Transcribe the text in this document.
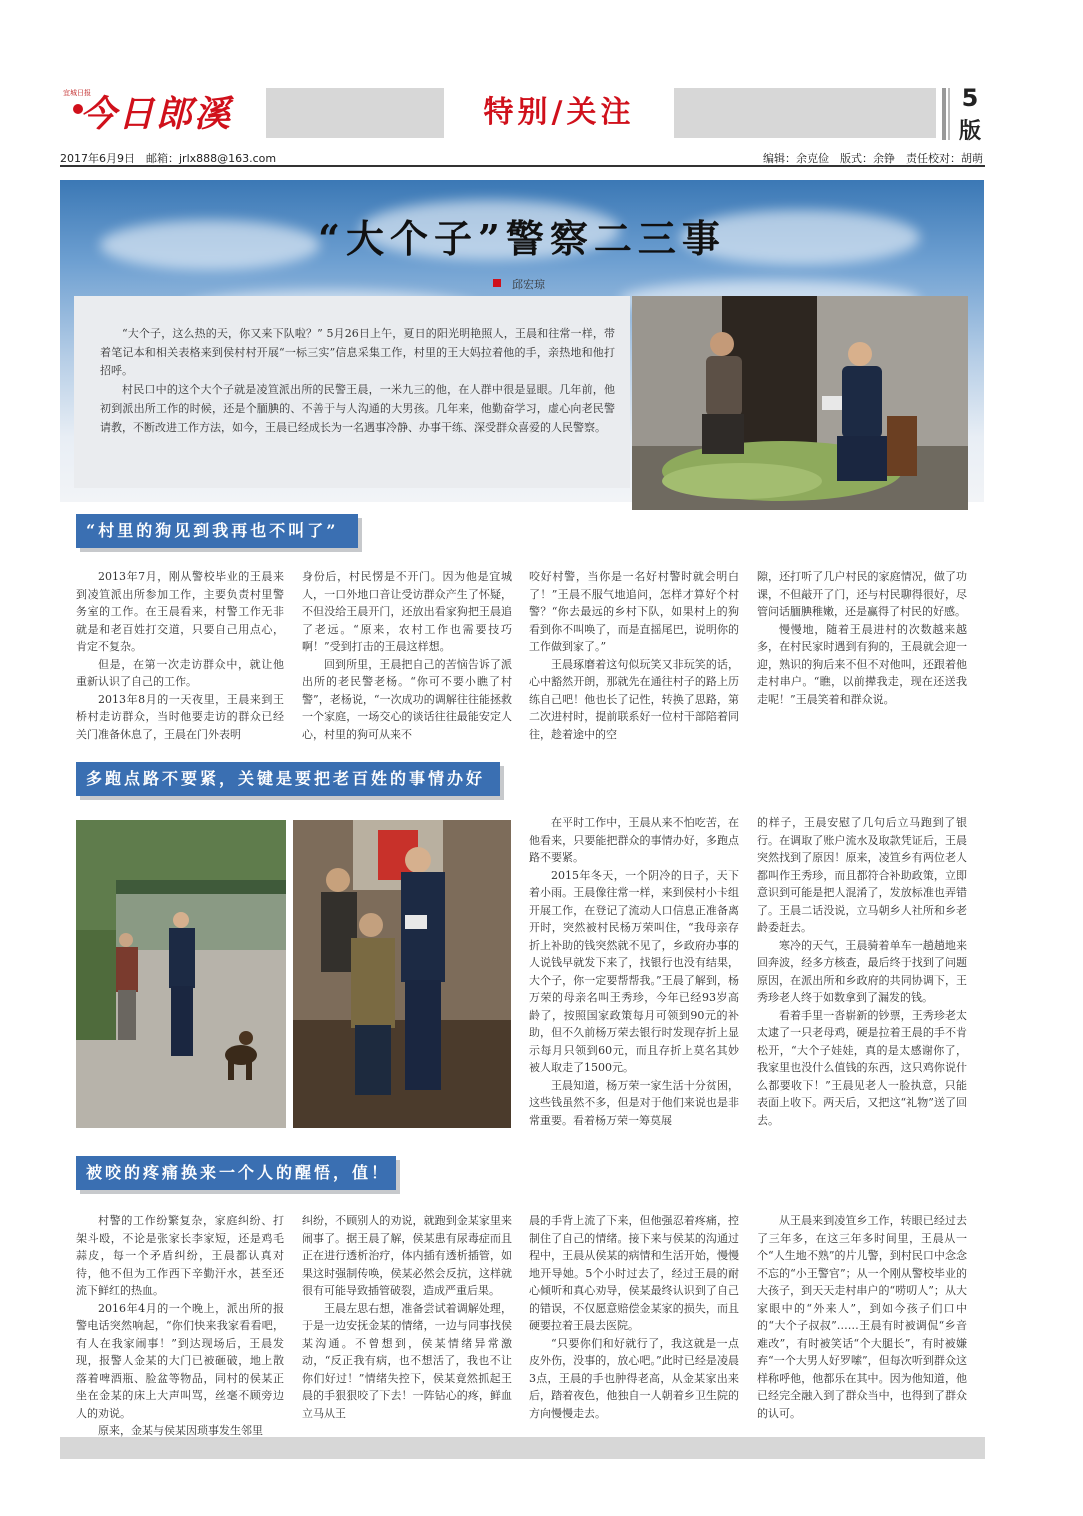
宜城日报
今日郎溪	特别/关注	5
版
2017年6月9日　邮箱：jrlx888@163.com	编辑：余克俭　版式：余铮　责任校对：胡萌
“大个子”警察二三事
邱宏琼

“大个子，这么热的天，你又来下队啦？” 5月26日上午，夏日的阳光明艳照人，王晨和往常一样，带着笔记本和相关表格来到侯村村开展“一标三实”信息采集工作，村里的王大妈拉着他的手，亲热地和他打招呼。

村民口中的这个大个子就是凌笪派出所的民警王晨，一米九三的他，在人群中很是显眼。几年前，他初到派出所工作的时候，还是个腼腆的、不善于与人沟通的大男孩。几年来，他勤奋学习，虚心向老民警请教，不断改进工作方法，如今，王晨已经成长为一名遇事冷静、办事干练、深受群众喜爱的人民警察。

“村里的狗见到我再也不叫了”

2013年7月，刚从警校毕业的王晨来到凌笪派出所参加工作，主要负责村里警务室的工作。在王晨看来，村警工作无非就是和老百姓打交道，只要自己用点心，肯定不复杂。

但是，在第一次走访群众中，就让他重新认识了自己的工作。

2013年8月的一天夜里，王晨来到王桥村走访群众，当时他要走访的群众已经关门准备休息了，王晨在门外表明

身份后，村民愣是不开门。因为他是宜城人，一口外地口音让受访群众产生了怀疑，不但没给王晨开门，还放出看家狗把王晨追了老远。“原来，农村工作也需要技巧啊！”受到打击的王晨这样想。

回到所里，王晨把自己的苦恼告诉了派出所的老民警老杨。“你可不要小瞧了村警”，老杨说，“一次成功的调解往往能拯救一个家庭，一场交心的谈话往往最能安定人心，村里的狗可从来不

咬好村警，当你是一名好村警时就会明白了！”王晨不服气地追问，怎样才算好个村警？“你去最远的乡村下队，如果村上的狗看到你不叫唤了，而是直摇尾巴，说明你的工作做到家了。”

王晨琢磨着这句似玩笑又非玩笑的话，心中豁然开朗，那就先在通往村子的路上历练自己吧！他也长了记性，转换了思路，第二次进村时，提前联系好一位村干部陪着同往，趁着途中的空

隙，还打听了几户村民的家庭情况，做了功课，不但敲开了门，还与村民聊得很好，尽管问话腼腆稚嫩，还是赢得了村民的好感。

慢慢地，随着王晨进村的次数越来越多，在村民家时遇到有狗的，王晨就会迎一迎，熟识的狗后来不但不对他叫，还跟着他走村串户。“瞧，以前撵我走，现在还送我走呢！”王晨笑着和群众说。

多跑点路不要紧，关键是要把老百姓的事情办好

在平时工作中，王晨从来不怕吃苦，在他看来，只要能把群众的事情办好，多跑点路不要紧。

2015年冬天，一个阴冷的日子，天下着小雨。王晨像往常一样，来到侯村小卡组开展工作，在登记了流动人口信息正准备离开时，突然被村民杨万荣叫住，“我母亲存折上补助的钱突然就不见了，乡政府办事的人说钱早就发下来了，找银行也没有结果，大个子，你一定要帮帮我。”王晨了解到，杨万荣的母亲名叫王秀珍，今年已经93岁高龄了，按照国家政策每月可领到90元的补助，但不久前杨万荣去银行时发现存折上显示每月只领到60元，而且存折上莫名其妙被人取走了1500元。

王晨知道，杨万荣一家生活十分贫困，这些钱虽然不多，但是对于他们来说也是非常重要。看着杨万荣一筹莫展

的样子，王晨安慰了几句后立马跑到了银行。在调取了账户流水及取款凭证后，王晨突然找到了原因！原来，凌笪乡有两位老人都叫作王秀珍，而且都符合补助政策，立即意识到可能是把人混淆了，发放标准也弄错了。王晨二话没说，立马朝乡人社所和乡老龄委赶去。

寒冷的天气，王晨骑着单车一趟趟地来回奔波，经多方核查，最后终于找到了问题原因，在派出所和乡政府的共同协调下，王秀珍老人终于如数拿到了漏发的钱。

看着手里一沓崭新的钞票，王秀珍老太太逮了一只老母鸡，硬是拉着王晨的手不肯松开，“大个子娃娃，真的是太感谢你了，我家里也没什么值钱的东西，这只鸡你说什么都要收下！”王晨见老人一脸执意，只能表面上收下。两天后，又把这“礼物”送了回去。

被咬的疼痛换来一个人的醒悟，值！

村警的工作纷繁复杂，家庭纠纷、打架斗殴，不论是张家长李家短，还是鸡毛蒜皮，每一个矛盾纠纷，王晨都认真对待，他不但为工作西下辛勤汗水，甚至还流下鲜红的热血。

2016年4月的一个晚上，派出所的报警电话突然响起，“你们快来我家看看吧，有人在我家闹事！”到达现场后，王晨发现，报警人金某的大门已被砸破，地上散落着啤酒瓶、脸盆等物品，同村的侯某正坐在金某的床上大声叫骂，丝毫不顾旁边人的劝说。

原来，金某与侯某因琐事发生邻里

纠纷，不顾别人的劝说，就跑到金某家里来闹事了。据王晨了解，侯某患有尿毒症而且正在进行透析治疗，体内插有透析插管，如果这时强制传唤，侯某必然会反抗，这样就很有可能导致插管破裂，造成严重后果。

王晨左思右想，准备尝试着调解处理，于是一边安抚金某的情绪，一边与同事找侯某沟通。不曾想到，侯某情绪异常激动，“反正我有病，也不想活了，我也不让你们好过！”情绪失控下，侯某竟然抓起王晨的手狠狠咬了下去！一阵钻心的疼，鲜血立马从王

晨的手背上流了下来，但他强忍着疼痛，控制住了自己的情绪。接下来与侯某的沟通过程中，王晨从侯某的病情和生活开始，慢慢地开导她。5个小时过去了，经过王晨的耐心倾听和真心劝导，侯某最终认识到了自己的错误，不仅愿意赔偿金某家的损失，而且硬要拉着王晨去医院。

“只要你们和好就行了，我这就是一点皮外伤，没事的，放心吧。”此时已经是凌晨3点，王晨的手也肿得老高，从金某家出来后，踏着夜色，他独自一人朝着乡卫生院的方向慢慢走去。

从王晨来到凌笪乡工作，转眼已经过去了三年多，在这三年多时间里，王晨从一个“人生地不熟”的片儿警，到村民口中念念不忘的“小王警官”；从一个刚从警校毕业的大孩子，到天天走村串户的“唠叨人”；从大家眼中的“外来人”，到如今孩子们口中的“大个子叔叔”……王晨有时被调侃“乡音难改”，有时被笑话“个大腿长”，有时被嫌弃“一个大男人好罗嗦”，但每次听到群众这样称呼他，他都乐在其中。因为他知道，他已经完全融入到了群众当中，也得到了群众的认可。
